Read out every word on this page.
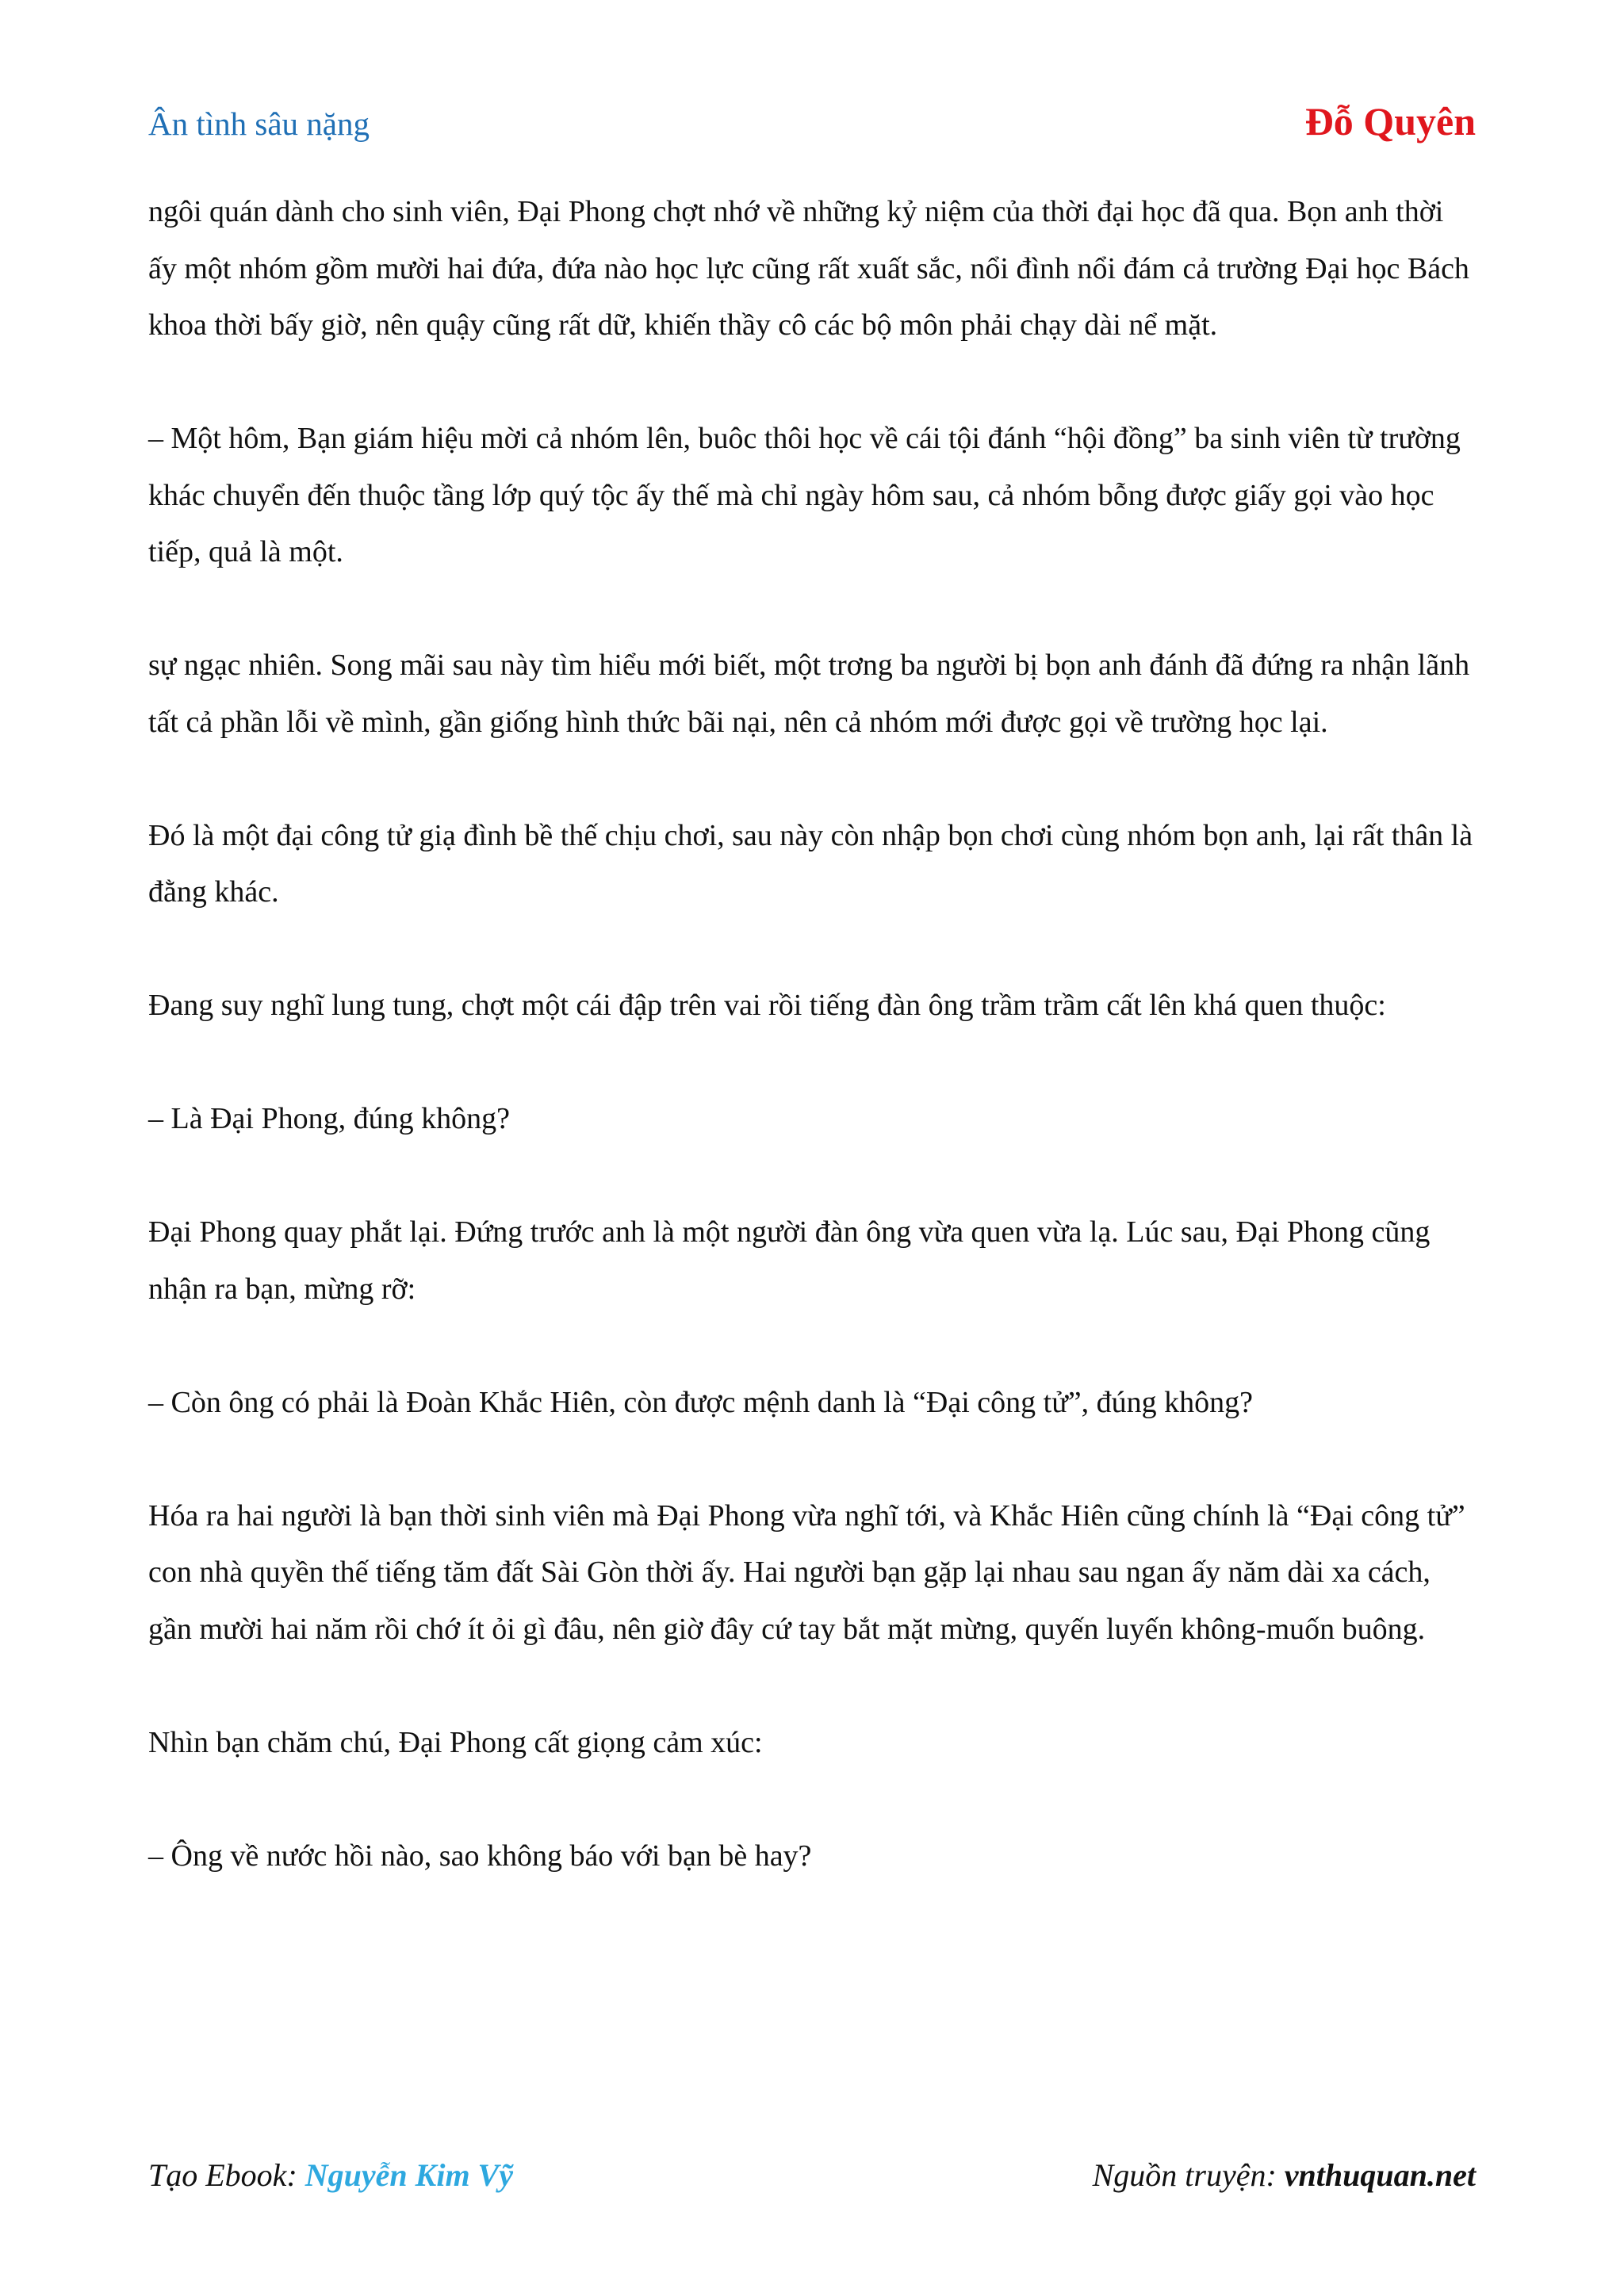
Ân tình sâu nặng	Đỗ Quyên

ngôi quán dành cho sinh viên, Đại Phong chợt nhớ về những kỷ niệm của thời đại học đã qua. Bọn anh thời ấy một nhóm gồm mười hai đứa, đứa nào học lực cũng rất xuất sắc, nổi đình nổi đám cả trường Đại học Bách khoa thời bấy giờ, nên quậy cũng rất dữ, khiến thầy cô các bộ môn phải chạy dài nể mặt.

– Một hôm, Bạn giám hiệu mời cả nhóm lên, buôc thôi học về cái tội đánh “hội đồng” ba sinh viên từ trường khác chuyển đến thuộc tầng lớp quý tộc ấy thế mà chỉ ngày hôm sau, cả nhóm bỗng được giấy gọi vào học tiếp, quả là một.

sự ngạc nhiên. Song mãi sau này tìm hiểu mới biết, một trơng ba người bị bọn anh đánh đã đứng ra nhận lãnh tất cả phần lỗi về mình, gần giống hình thức bãi nại, nên cả nhóm mới được gọi về trường học lại.

Đó là một đại công tử giạ đình bề thế chịu chơi, sau này còn nhập bọn chơi cùng nhóm bọn anh, lại rất thân là đằng khác.

Đang suy nghĩ lung tung, chợt một cái đập trên vai rồi tiếng đàn ông trầm trầm cất lên khá quen thuộc:

– Là Đại Phong, đúng không?

Đại Phong quay phắt lại. Đứng trước anh là một người đàn ông vừa quen vừa lạ. Lúc sau, Đại Phong cũng nhận ra bạn, mừng rỡ:

– Còn ông có phải là Đoàn Khắc Hiên, còn được mệnh danh là “Đại công tử”, đúng không?

Hóa ra hai người là bạn thời sinh viên mà Đại Phong vừa nghĩ tới, và Khắc Hiên cũng chính là “Đại công tử” con nhà quyền thế tiếng tăm đất Sài Gòn thời ấy. Hai người bạn gặp lại nhau sau ngan ấy năm dài xa cách, gần mười hai năm rồi chớ ít ỏi gì đâu, nên giờ đây cứ tay bắt mặt mừng, quyến luyến không-muốn buông.

Nhìn bạn chăm chú, Đại Phong cất giọng cảm xúc:

– Ông về nước hồi nào, sao không báo với bạn bè hay?

Tạo Ebook: Nguyễn Kim Vỹ	Nguồn truyện: vnthuquan.net
